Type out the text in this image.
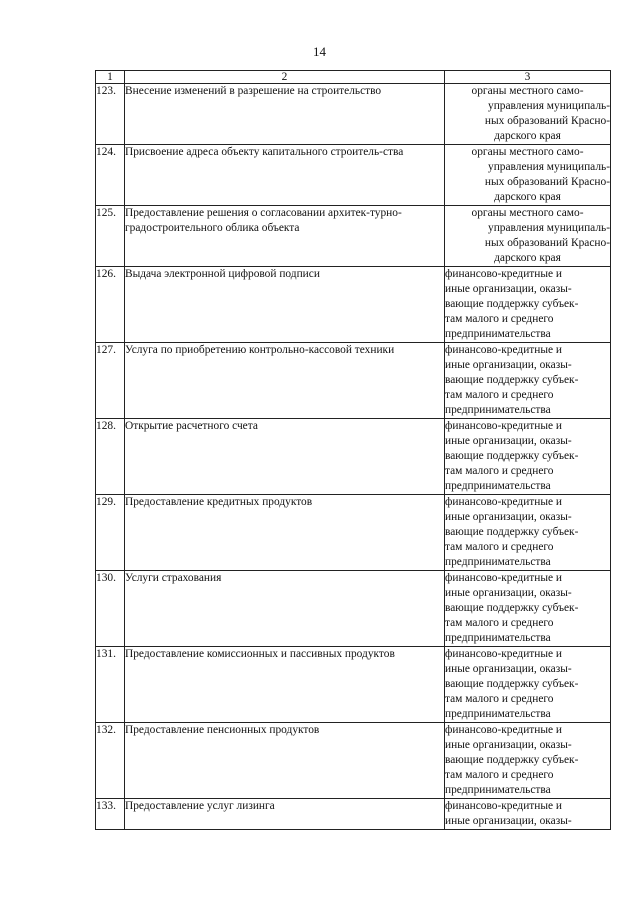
14
1	2	3
123.	Внесение изменений в разрешение на строительство	органы местного само-
управления муниципаль-
ных образований Красно-
дарского края

124.	Присвоение адреса объекту капитального строитель-ства	органы местного само-
управления муниципаль-
ных образований Красно-
дарского края

125.	Предоставление решения о согласовании архитек-турно-градостроительного облика объекта	органы местного само-
управления муниципаль-
ных образований Красно-
дарского края

126.	Выдача электронной цифровой подписи	финансово-кредитные и
иные организации, оказы-
вающие поддержку субъек-
там малого и среднего
предпринимательства

127.	Услуга по приобретению контрольно-кассовой техники	финансово-кредитные и
иные организации, оказы-
вающие поддержку субъек-
там малого и среднего
предпринимательства

128.	Открытие расчетного счета	финансово-кредитные и
иные организации, оказы-
вающие поддержку субъек-
там малого и среднего
предпринимательства

129.	Предоставление кредитных продуктов	финансово-кредитные и
иные организации, оказы-
вающие поддержку субъек-
там малого и среднего
предпринимательства

130.	Услуги страхования	финансово-кредитные и
иные организации, оказы-
вающие поддержку субъек-
там малого и среднего
предпринимательства

131.	Предоставление комиссионных и пассивных продуктов	финансово-кредитные и
иные организации, оказы-
вающие поддержку субъек-
там малого и среднего
предпринимательства

132.	Предоставление пенсионных продуктов	финансово-кредитные и
иные организации, оказы-
вающие поддержку субъек-
там малого и среднего
предпринимательства

133.	Предоставление услуг лизинга	финансово-кредитные и
иные организации, оказы-
